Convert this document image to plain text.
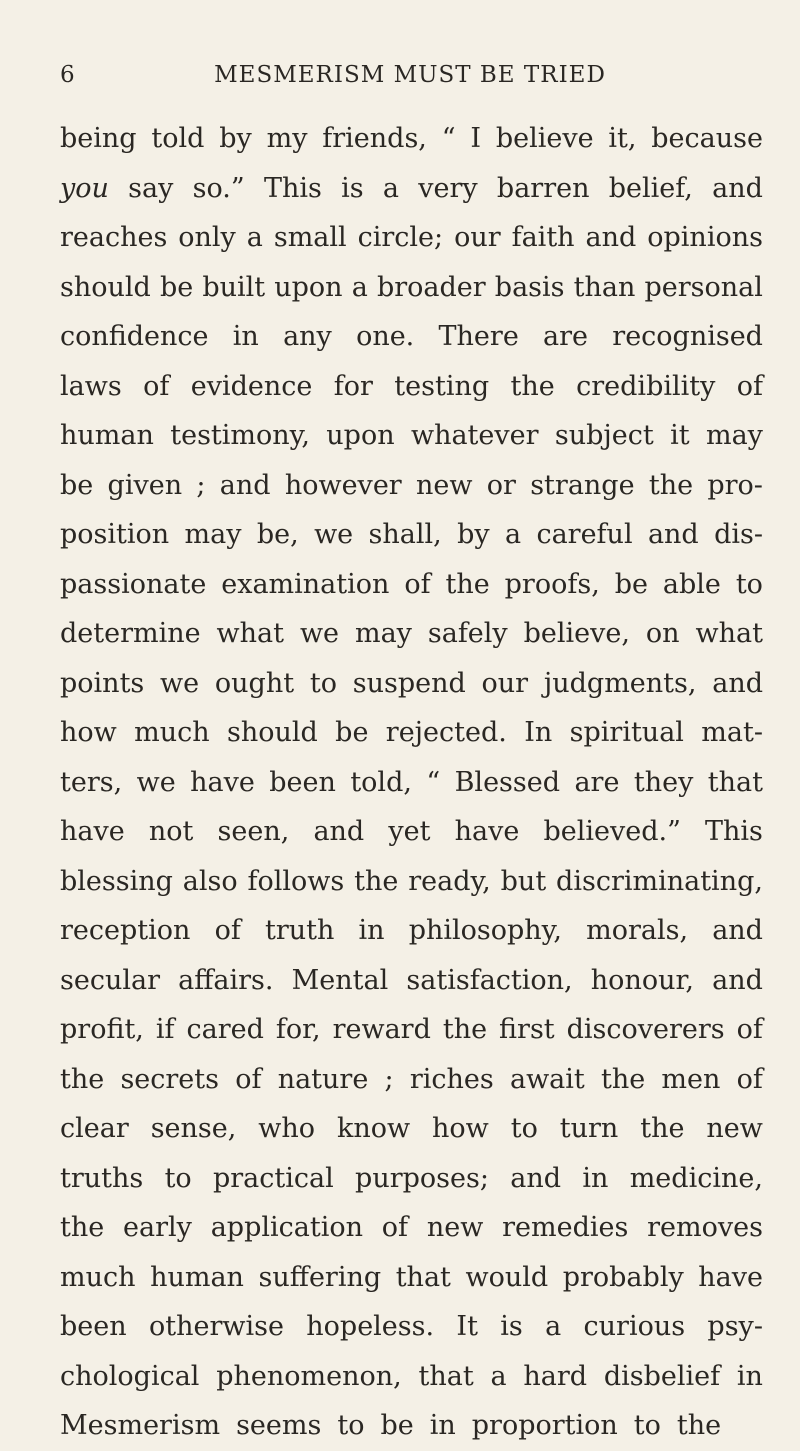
6	MESMERISM MUST BE TRIED
being told by my friends, “ I believe it, because
you say so.” This is a very barren belief, and
reaches only a small circle; our faith and opinions
should be built upon a broader basis than personal
confidence in any one. There are recognised
laws of evidence for testing the credibility of
human testimony, upon whatever subject it may
be given ; and however new or strange the pro-
position may be, we shall, by a careful and dis-
passionate examination of the proofs, be able to
determine what we may safely believe, on what
points we ought to suspend our judgments, and
how much should be rejected. In spiritual mat-
ters, we have been told, “ Blessed are they that
have not seen, and yet have believed.” This
blessing also follows the ready, but discriminating,
reception of truth in philosophy, morals, and
secular affairs. Mental satisfaction, honour, and
profit, if cared for, reward the first discoverers of
the secrets of nature ; riches await the men of
clear sense, who know how to turn the new
truths to practical purposes; and in medicine,
the early application of new remedies removes
much human suffering that would probably have
been otherwise hopeless. It is a curious psy-
chological phenomenon, that a hard disbelief in
Mesmerism seems to be in proportion to the
